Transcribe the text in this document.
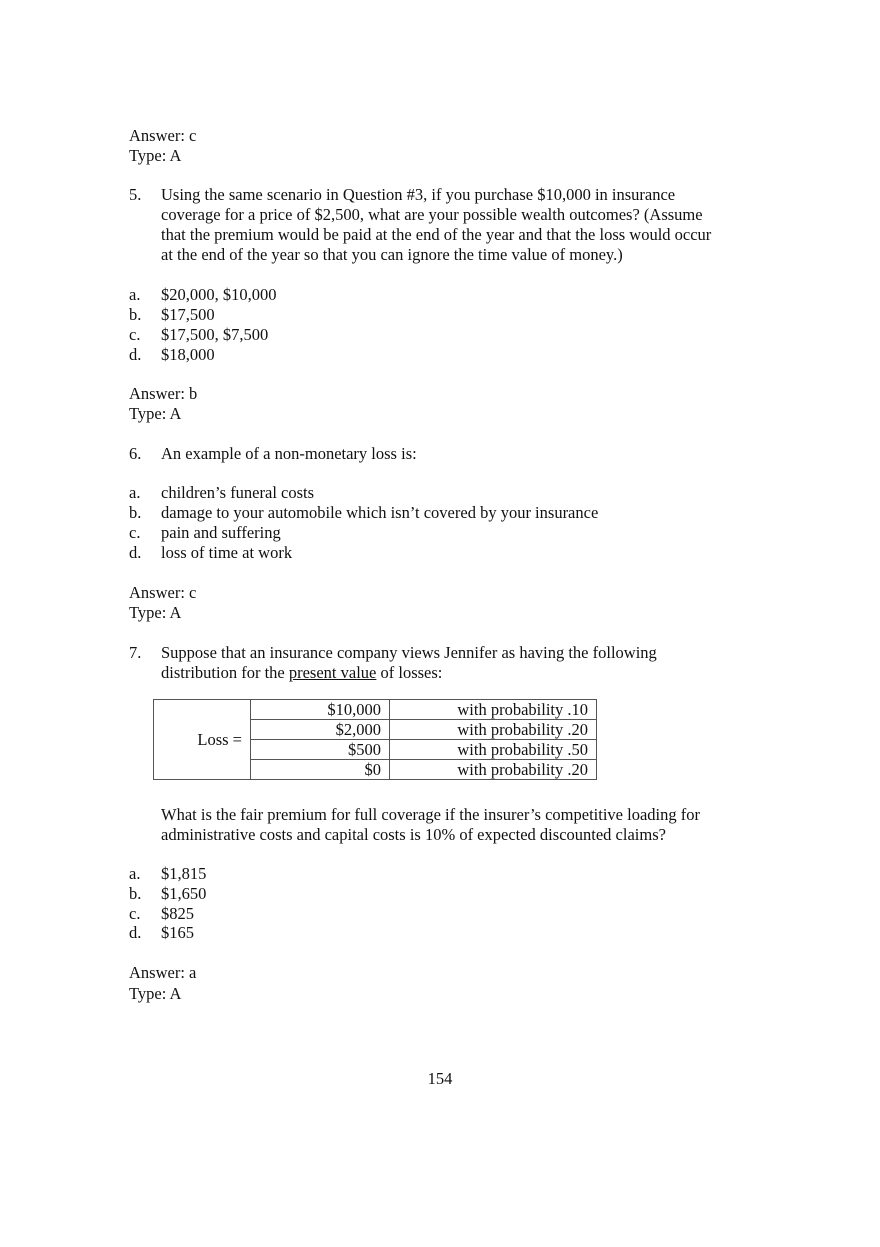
Answer: c
Type: A
5.	Using the same scenario in Question #3, if you purchase $10,000 in insurance
coverage for a price of $2,500, what are your possible wealth outcomes? (Assume
that the premium would be paid at the end of the year and that the loss would occur
at the end of the year so that you can ignore the time value of money.)
a.	$20,000, $10,000
b.	$17,500
c.	$17,500, $7,500
d.	$18,000
Answer: b
Type: A
6.	An example of a non-monetary loss is:
a.	children’s funeral costs
b.	damage to your automobile which isn’t covered by your insurance
c.	pain and suffering
d.	loss of time at work
Answer: c
Type: A
7.	Suppose that an insurance company views Jennifer as having the following
distribution for the present value of losses:
Loss =	$10,000	with probability .10
	$2,000	with probability .20
	$500	with probability .50
	$0	with probability .20
What is the fair premium for full coverage if the insurer’s competitive loading for
administrative costs and capital costs is 10% of expected discounted claims?
a.	$1,815
b.	$1,650
c.	$825
d.	$165
Answer: a
Type: A
154
